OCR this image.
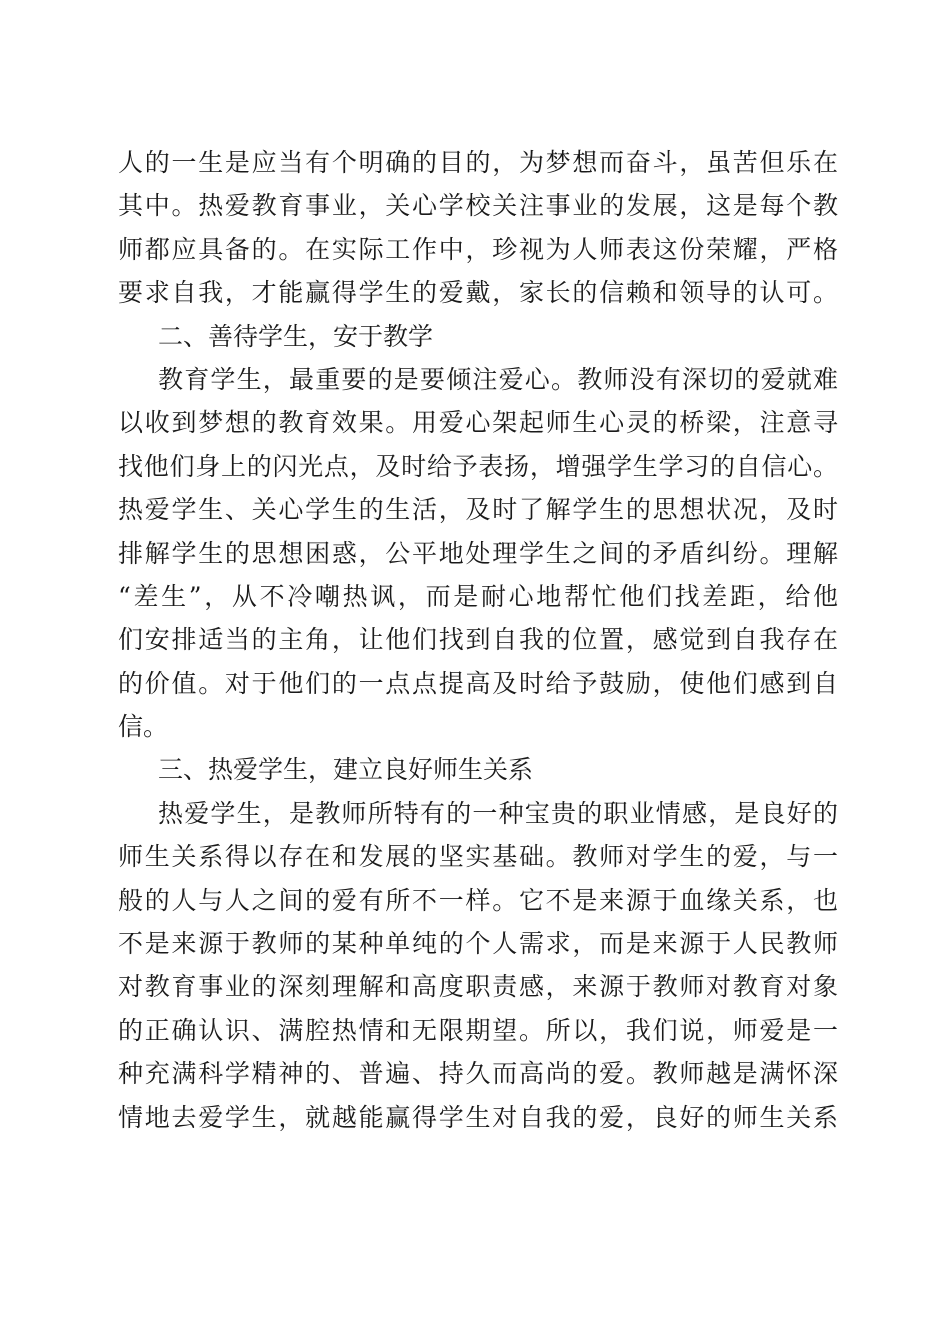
人的一生是应当有个明确的目的，为梦想而奋斗，虽苦但乐在
其中。热爱教育事业，关心学校关注事业的发展，这是每个教
师都应具备的。在实际工作中，珍视为人师表这份荣耀，严格
要求自我，才能赢得学生的爱戴，家长的信赖和领导的认可。
二、善待学生，安于教学
教育学生，最重要的是要倾注爱心。教师没有深切的爱就难
以收到梦想的教育效果。用爱心架起师生心灵的桥梁，注意寻
找他们身上的闪光点，及时给予表扬，增强学生学习的自信心。
热爱学生、关心学生的生活，及时了解学生的思想状况，及时
排解学生的思想困惑，公平地处理学生之间的矛盾纠纷。理解
“差生”，从不冷嘲热讽，而是耐心地帮忙他们找差距，给他
们安排适当的主角，让他们找到自我的位置，感觉到自我存在
的价值。对于他们的一点点提高及时给予鼓励，使他们感到自
信。
三、热爱学生，建立良好师生关系
热爱学生，是教师所特有的一种宝贵的职业情感，是良好的
师生关系得以存在和发展的坚实基础。教师对学生的爱，与一
般的人与人之间的爱有所不一样。它不是来源于血缘关系，也
不是来源于教师的某种单纯的个人需求，而是来源于人民教师
对教育事业的深刻理解和高度职责感，来源于教师对教育对象
的正确认识、满腔热情和无限期望。所以，我们说，师爱是一
种充满科学精神的、普遍、持久而高尚的爱。教师越是满怀深
情地去爱学生，就越能赢得学生对自我的爱，良好的师生关系
